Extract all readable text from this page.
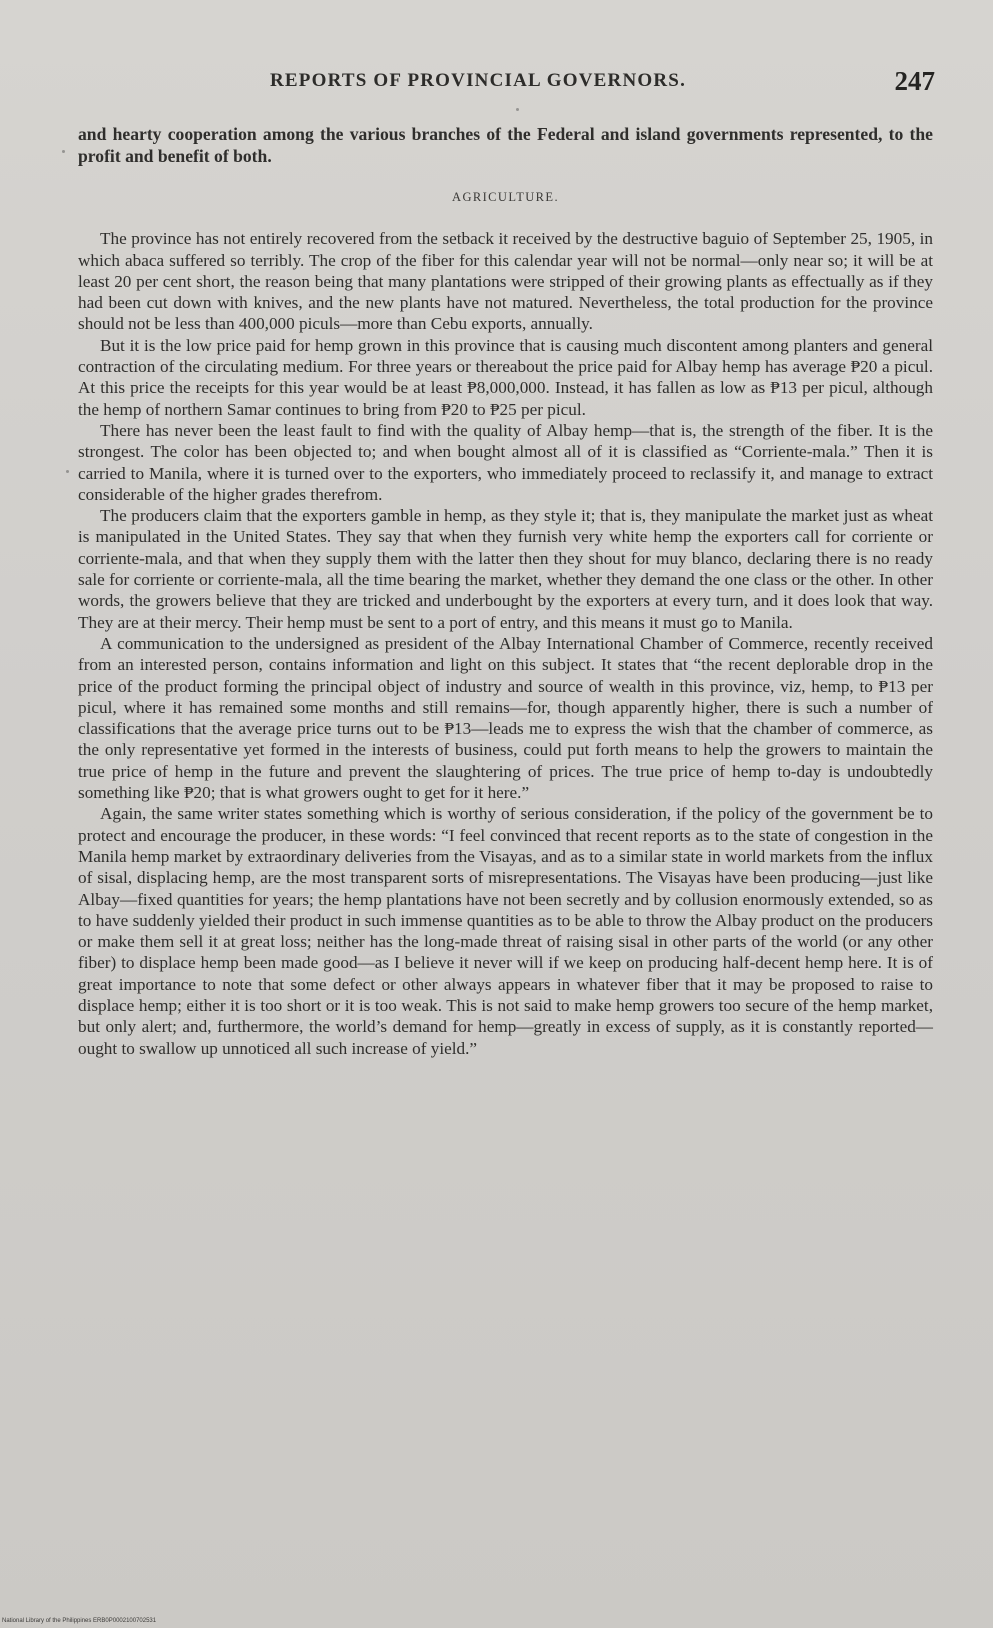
REPORTS OF PROVINCIAL GOVERNORS.	247

and hearty cooperation among the various branches of the Federal and island governments represented, to the profit and benefit of both.

AGRICULTURE.

The province has not entirely recovered from the setback it received by the destructive baguio of September 25, 1905, in which abaca suffered so terribly. The crop of the fiber for this calendar year will not be normal—only near so; it will be at least 20 per cent short, the reason being that many plantations were stripped of their growing plants as effectually as if they had been cut down with knives, and the new plants have not matured. Nevertheless, the total production for the province should not be less than 400,000 piculs—more than Cebu exports, annually.

But it is the low price paid for hemp grown in this province that is causing much discontent among planters and general contraction of the circulating medium. For three years or thereabout the price paid for Albay hemp has average ₱20 a picul. At this price the receipts for this year would be at least ₱8,000,000. Instead, it has fallen as low as ₱13 per picul, although the hemp of northern Samar continues to bring from ₱20 to ₱25 per picul.

There has never been the least fault to find with the quality of Albay hemp—that is, the strength of the fiber. It is the strongest. The color has been objected to; and when bought almost all of it is classified as “Corriente-mala.” Then it is carried to Manila, where it is turned over to the exporters, who immediately proceed to reclassify it, and manage to extract considerable of the higher grades therefrom.

The producers claim that the exporters gamble in hemp, as they style it; that is, they manipulate the market just as wheat is manipulated in the United States. They say that when they furnish very white hemp the exporters call for corriente or corriente-mala, and that when they supply them with the latter then they shout for muy blanco, declaring there is no ready sale for corriente or corriente-mala, all the time bearing the market, whether they demand the one class or the other. In other words, the growers believe that they are tricked and underbought by the exporters at every turn, and it does look that way. They are at their mercy. Their hemp must be sent to a port of entry, and this means it must go to Manila.

A communication to the undersigned as president of the Albay International Chamber of Commerce, recently received from an interested person, contains information and light on this subject. It states that “the recent deplorable drop in the price of the product forming the principal object of industry and source of wealth in this province, viz, hemp, to ₱13 per picul, where it has remained some months and still remains—for, though apparently higher, there is such a number of classifications that the average price turns out to be ₱13—leads me to express the wish that the chamber of commerce, as the only representative yet formed in the interests of business, could put forth means to help the growers to maintain the true price of hemp in the future and prevent the slaughtering of prices. The true price of hemp to-day is undoubtedly something like ₱20; that is what growers ought to get for it here.”

Again, the same writer states something which is worthy of serious consideration, if the policy of the government be to protect and encourage the producer, in these words: “I feel convinced that recent reports as to the state of congestion in the Manila hemp market by extraordinary deliveries from the Visayas, and as to a similar state in world markets from the influx of sisal, displacing hemp, are the most transparent sorts of misrepresentations. The Visayas have been producing—just like Albay—fixed quantities for years; the hemp plantations have not been secretly and by collusion enormously extended, so as to have suddenly yielded their product in such immense quantities as to be able to throw the Albay product on the producers or make them sell it at great loss; neither has the long-made threat of raising sisal in other parts of the world (or any other fiber) to displace hemp been made good—as I believe it never will if we keep on producing half-decent hemp here. It is of great importance to note that some defect or other always appears in whatever fiber that it may be proposed to raise to displace hemp; either it is too short or it is too weak. This is not said to make hemp growers too secure of the hemp market, but only alert; and, furthermore, the world’s demand for hemp—greatly in excess of supply, as it is constantly reported—ought to swallow up unnoticed all such increase of yield.”

National Library of the Philippines ERB0P0002100702531
